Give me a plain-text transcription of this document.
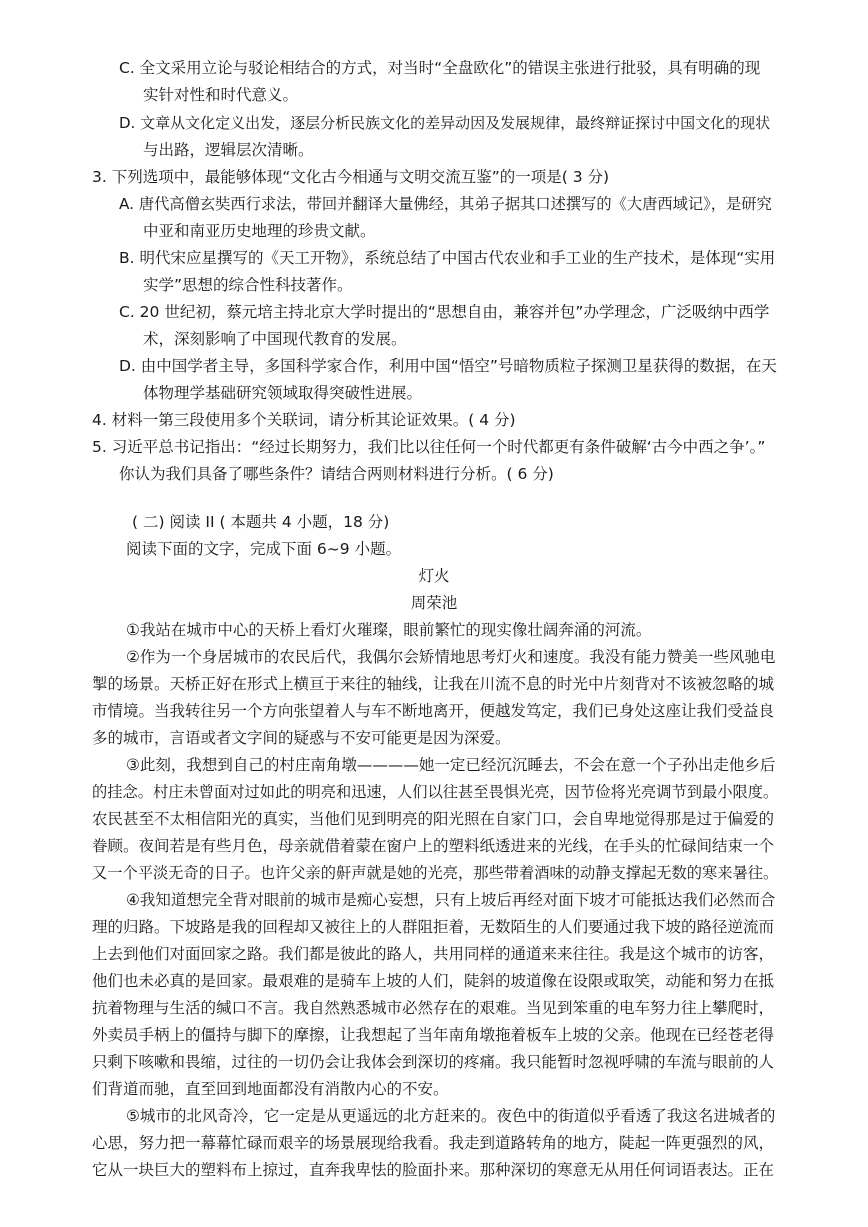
C. 全文采用立论与驳论相结合的方式，对当时“全盘欧化”的错误主张进行批驳，具有明确的现
实针对性和时代意义。
D. 文章从文化定义出发，逐层分析民族文化的差异动因及发展规律，最终辩证探讨中国文化的现状
与出路，逻辑层次清晰。
3. 下列选项中，最能够体现“文化古今相通与文明交流互鉴”的一项是( 3 分)
A. 唐代高僧玄奘西行求法，带回并翻译大量佛经，其弟子据其口述撰写的《大唐西域记》，是研究
中亚和南亚历史地理的珍贵文献。
B. 明代宋应星撰写的《天工开物》，系统总结了中国古代农业和手工业的生产技术，是体现“实用
实学”思想的综合性科技著作。
C. 20 世纪初，蔡元培主持北京大学时提出的“思想自由，兼容并包”办学理念，广泛吸纳中西学
术，深刻影响了中国现代教育的发展。
D. 由中国学者主导，多国科学家合作，利用中国“悟空”号暗物质粒子探测卫星获得的数据，在天
体物理学基础研究领域取得突破性进展。
4. 材料一第三段使用多个关联词，请分析其论证效果。( 4 分)
5. 习近平总书记指出：“经过长期努力，我们比以往任何一个时代都更有条件破解‘古今中西之争’。”
你认为我们具备了哪些条件？请结合两则材料进行分析。( 6 分)
( 二) 阅读 II ( 本题共 4 小题，18 分)
阅读下面的文字，完成下面 6~9 小题。
灯火
周荣池
①我站在城市中心的天桥上看灯火璀璨，眼前繁忙的现实像壮阔奔涌的河流。
②作为一个身居城市的农民后代，我偶尔会矫情地思考灯火和速度。我没有能力赞美一些风驰电
掣的场景。天桥正好在形式上横亘于来往的轴线，让我在川流不息的时光中片刻背对不该被忽略的城
市情境。当我转往另一个方向张望着人与车不断地离开，便越发笃定，我们已身处这座让我们受益良
多的城市，言语或者文字间的疑惑与不安可能更是因为深爱。
③此刻，我想到自己的村庄南角墩————她一定已经沉沉睡去，不会在意一个子孙出走他乡后
的挂念。村庄未曾面对过如此的明亮和迅速，人们以往甚至畏惧光亮，因节俭将光亮调节到最小限度。
农民甚至不太相信阳光的真实，当他们见到明亮的阳光照在自家门口，会自卑地觉得那是过于偏爱的
眷顾。夜间若是有些月色，母亲就借着蒙在窗户上的塑料纸透进来的光线，在手头的忙碌间结束一个
又一个平淡无奇的日子。也许父亲的鼾声就是她的光亮，那些带着酒味的动静支撑起无数的寒来暑往。
④我知道想完全背对眼前的城市是痴心妄想，只有上坡后再经对面下坡才可能抵达我们必然而合
理的归路。下坡路是我的回程却又被往上的人群阻拒着，无数陌生的人们要通过我下坡的路径逆流而
上去到他们对面回家之路。我们都是彼此的路人，共用同样的通道来来往往。我是这个城市的访客，
他们也未必真的是回家。最艰难的是骑车上坡的人们，陡斜的坡道像在设限或取笑，动能和努力在抵
抗着物理与生活的缄口不言。我自然熟悉城市必然存在的艰难。当见到笨重的电车努力往上攀爬时，
外卖员手柄上的僵持与脚下的摩擦，让我想起了当年南角墩拖着板车上坡的父亲。他现在已经苍老得
只剩下咳嗽和畏缩，过往的一切仍会让我体会到深切的疼痛。我只能暂时忽视呼啸的车流与眼前的人
们背道而驰，直至回到地面都没有消散内心的不安。
⑤城市的北风奇冷，它一定是从更遥远的北方赶来的。夜色中的街道似乎看透了我这名进城者的
心思，努力把一幕幕忙碌而艰辛的场景展现给我看。我走到道路转角的地方，陡起一阵更强烈的风，
它从一块巨大的塑料布上掠过，直奔我卑怯的脸面扑来。那种深切的寒意无从用任何词语表达。正在
